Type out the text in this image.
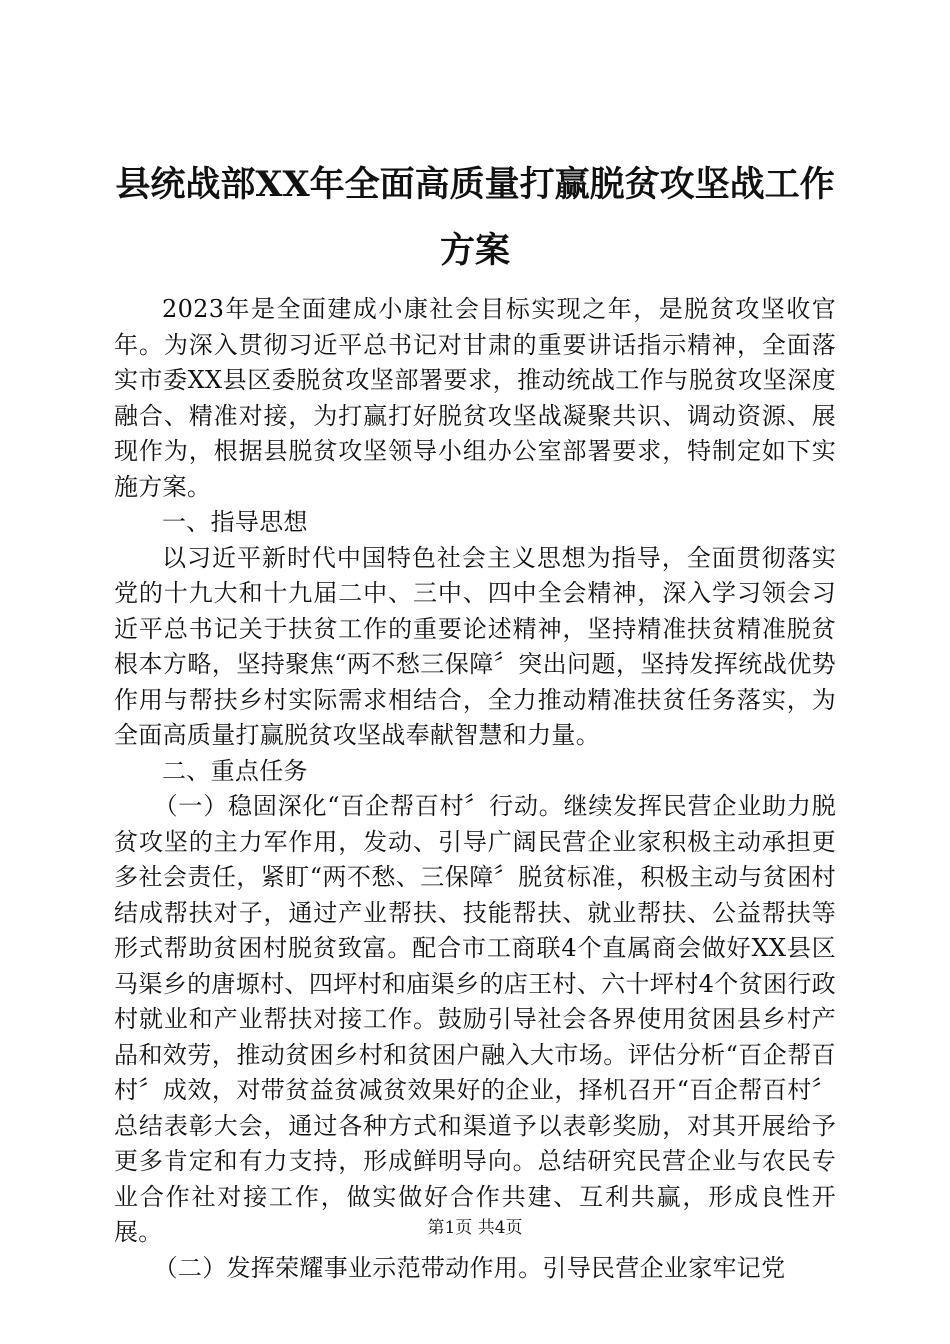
县统战部XX年全面高质量打赢脱贫攻坚战工作方案

2023年是全面建成小康社会目标实现之年，是脱贫攻坚收官年。为深入贯彻习近平总书记对甘肃的重要讲话指示精神，全面落实市委XX县区委脱贫攻坚部署要求，推动统战工作与脱贫攻坚深度融合、精准对接，为打赢打好脱贫攻坚战凝聚共识、调动资源、展现作为，根据县脱贫攻坚领导小组办公室部署要求，特制定如下实施方案。

一、指导思想

以习近平新时代中国特色社会主义思想为指导，全面贯彻落实党的十九大和十九届二中、三中、四中全会精神，深入学习领会习近平总书记关于扶贫工作的重要论述精神，坚持精准扶贫精准脱贫根本方略，坚持聚焦“两不愁三保障〞突出问题，坚持发挥统战优势作用与帮扶乡村实际需求相结合，全力推动精准扶贫任务落实，为全面高质量打赢脱贫攻坚战奉献智慧和力量。

二、重点任务

（一）稳固深化“百企帮百村〞行动。继续发挥民营企业助力脱贫攻坚的主力军作用，发动、引导广阔民营企业家积极主动承担更多社会责任，紧盯“两不愁、三保障〞脱贫标准，积极主动与贫困村结成帮扶对子，通过产业帮扶、技能帮扶、就业帮扶、公益帮扶等形式帮助贫困村脱贫致富。配合市工商联4个直属商会做好XX县区马渠乡的唐塬村、四坪村和庙渠乡的店王村、六十坪村4个贫困行政村就业和产业帮扶对接工作。鼓励引导社会各界使用贫困县乡村产品和效劳，推动贫困乡村和贫困户融入大市场。评估分析“百企帮百村〞成效，对带贫益贫减贫效果好的企业，择机召开“百企帮百村〞总结表彰大会，通过各种方式和渠道予以表彰奖励，对其开展给予更多肯定和有力支持，形成鲜明导向。总结研究民营企业与农民专业合作社对接工作，做实做好合作共建、互利共赢，形成良性开展。

（二）发挥荣耀事业示范带动作用。引导民营企业家牢记党

第1页 共4页
